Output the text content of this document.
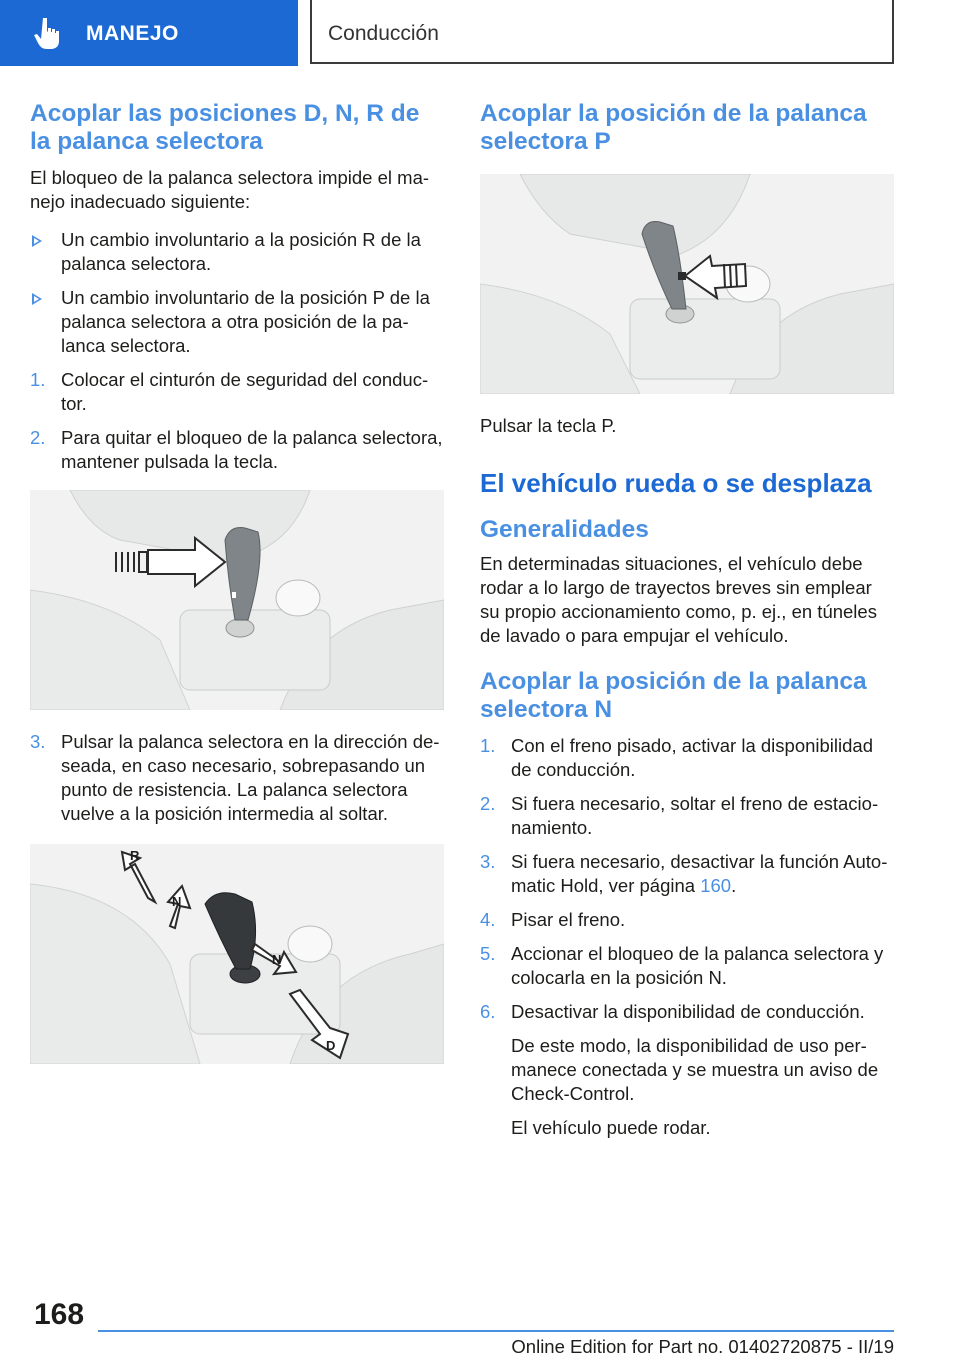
MANEJO	Conducción
Acoplar las posiciones D, N, R de la palanca selectora

El bloqueo de la palanca selectora impide el ma-nejo inadecuado siguiente:

Un cambio involuntario a la posición R de la palanca selectora.
Un cambio involuntario de la posición P de la palanca selectora a otra posición de la pa-lanca selectora.
1. Colocar el cinturón de seguridad del conduc-tor.
2. Para quitar el bloqueo de la palanca selectora, mantener pulsada la tecla.
3. Pulsar la palanca selectora en la dirección de-seada, en caso necesario, sobrepasando un punto de resistencia. La palanca selectora vuelve a la posición intermedia al soltar.
R
N
N
D
Acoplar la posición de la palanca selectora P

Pulsar la tecla P.

El vehículo rueda o se desplaza
Generalidades

En determinadas situaciones, el vehículo debe rodar a lo largo de trayectos breves sin emplear su propio accionamiento como, p. ej., en túneles de lavado o para empujar el vehículo.

Acoplar la posición de la palanca selectora N
1. Con el freno pisado, activar la disponibilidad de conducción.
2. Si fuera necesario, soltar el freno de estacio-namiento.
3. Si fuera necesario, desactivar la función Auto-matic Hold, ver página 160.
4. Pisar el freno.
5. Accionar el bloqueo de la palanca selectora y colocarla en la posición N.
6. Desactivar la disponibilidad de conducción.
De este modo, la disponibilidad de uso per-manece conectada y se muestra un aviso de Check-Control.
El vehículo puede rodar.
168
Online Edition for Part no. 01402720875 - II/19
